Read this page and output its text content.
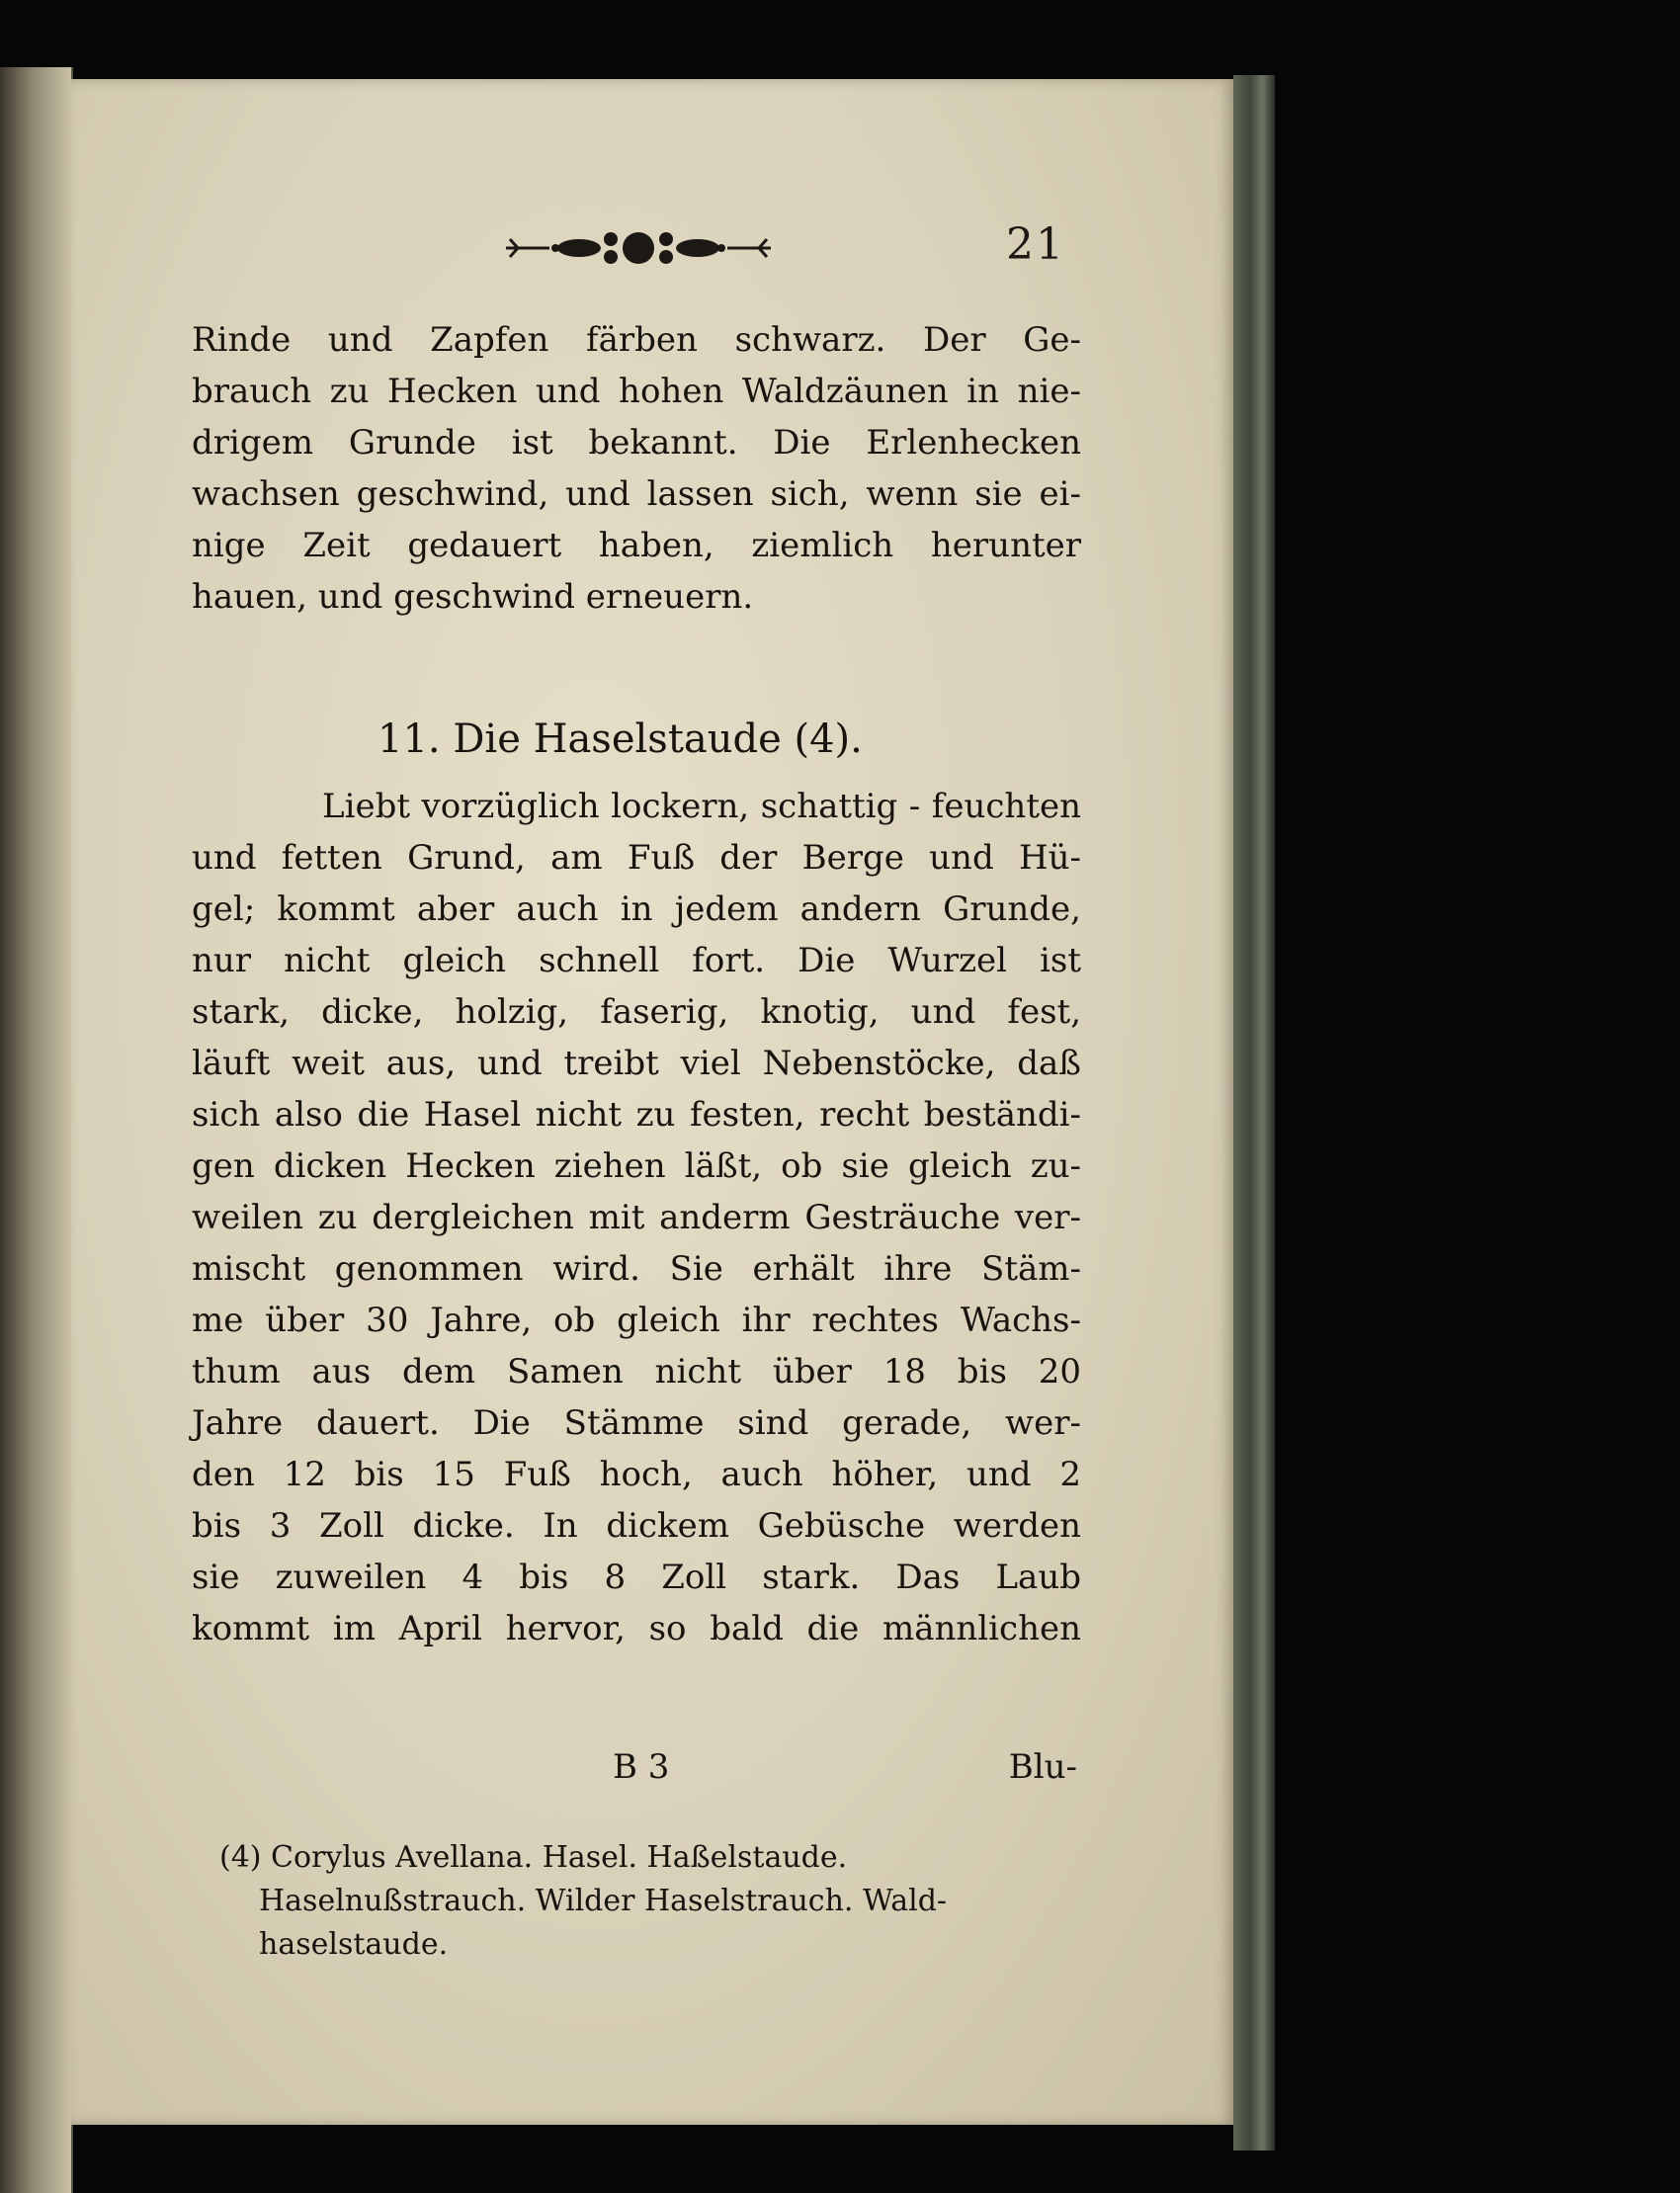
21
Rinde und Zapfen färben schwarz. Der Ge-
brauch zu Hecken und hohen Waldzäunen in nie-
drigem Grunde ist bekannt. Die Erlenhecken
wachsen geschwind, und lassen sich, wenn sie ei-
nige Zeit gedauert haben, ziemlich herunter
hauen, und geschwind erneuern.
11. Die Haselstaude (4).
Liebt vorzüglich lockern, schattig - feuchten
und fetten Grund, am Fuß der Berge und Hü-
gel; kommt aber auch in jedem andern Grunde,
nur nicht gleich schnell fort. Die Wurzel ist
stark, dicke, holzig, faserig, knotig, und fest,
läuft weit aus, und treibt viel Nebenstöcke, daß
sich also die Hasel nicht zu festen, recht beständi-
gen dicken Hecken ziehen läßt, ob sie gleich zu-
weilen zu dergleichen mit anderm Gesträuche ver-
mischt genommen wird. Sie erhält ihre Stäm-
me über 30 Jahre, ob gleich ihr rechtes Wachs-
thum aus dem Samen nicht über 18 bis 20
Jahre dauert. Die Stämme sind gerade, wer-
den 12 bis 15 Fuß hoch, auch höher, und 2
bis 3 Zoll dicke. In dickem Gebüsche werden
sie zuweilen 4 bis 8 Zoll stark. Das Laub
kommt im April hervor, so bald die männlichen
B 3	Blu-
(4) Corylus Avellana. Hasel. Haßelstaude.
Haselnußstrauch. Wilder Haselstrauch. Wald-
haselstaude.
